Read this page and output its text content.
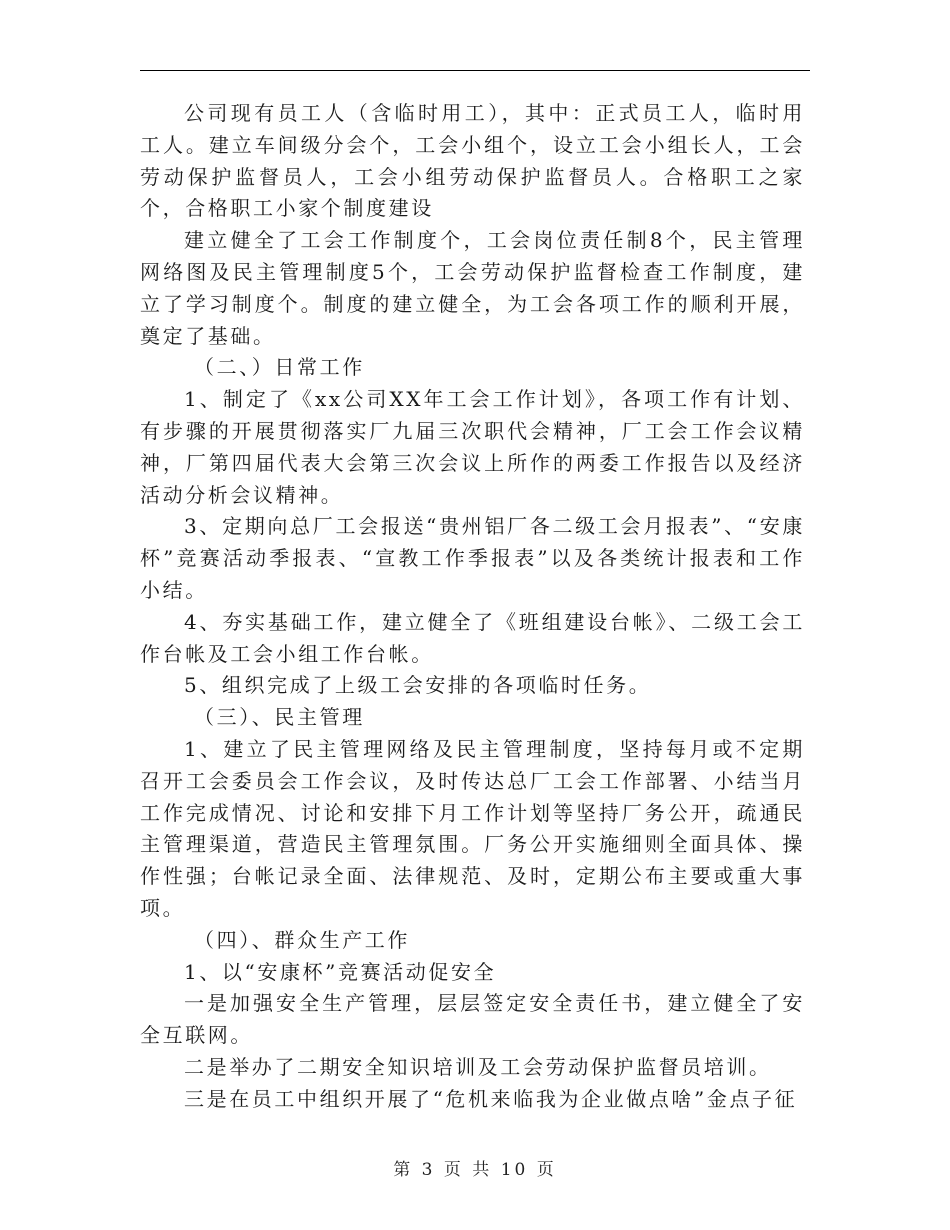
公司现有员工人（含临时用工），其中：正式员工人，临时用工人。建立车间级分会个，工会小组个，设立工会小组长人，工会劳动保护监督员人，工会小组劳动保护监督员人。合格职工之家个，合格职工小家个制度建设

建立健全了工会工作制度个，工会岗位责任制8个，民主管理网络图及民主管理制度5个，工会劳动保护监督检查工作制度，建立了学习制度个。制度的建立健全，为工会各项工作的顺利开展，奠定了基础。

（二、）日常工作

1、制定了《xx公司XX年工会工作计划》，各项工作有计划、有步骤的开展贯彻落实厂九届三次职代会精神，厂工会工作会议精神，厂第四届代表大会第三次会议上所作的两委工作报告以及经济活动分析会议精神。

3、定期向总厂工会报送“贵州铝厂各二级工会月报表”、“安康杯”竞赛活动季报表、“宣教工作季报表”以及各类统计报表和工作小结。

4、夯实基础工作，建立健全了《班组建设台帐》、二级工会工作台帐及工会小组工作台帐。

5、组织完成了上级工会安排的各项临时任务。

（三）、民主管理

1、建立了民主管理网络及民主管理制度，坚持每月或不定期召开工会委员会工作会议，及时传达总厂工会工作部署、小结当月工作完成情况、讨论和安排下月工作计划等坚持厂务公开，疏通民主管理渠道，营造民主管理氛围。厂务公开实施细则全面具体、操作性强；台帐记录全面、法律规范、及时，定期公布主要或重大事项。

（四）、群众生产工作

1、以“安康杯”竞赛活动促安全

一是加强安全生产管理，层层签定安全责任书，建立健全了安全互联网。

二是举办了二期安全知识培训及工会劳动保护监督员培训。

三是在员工中组织开展了“危机来临我为企业做点啥”金点子征

第 3 页 共 10 页
